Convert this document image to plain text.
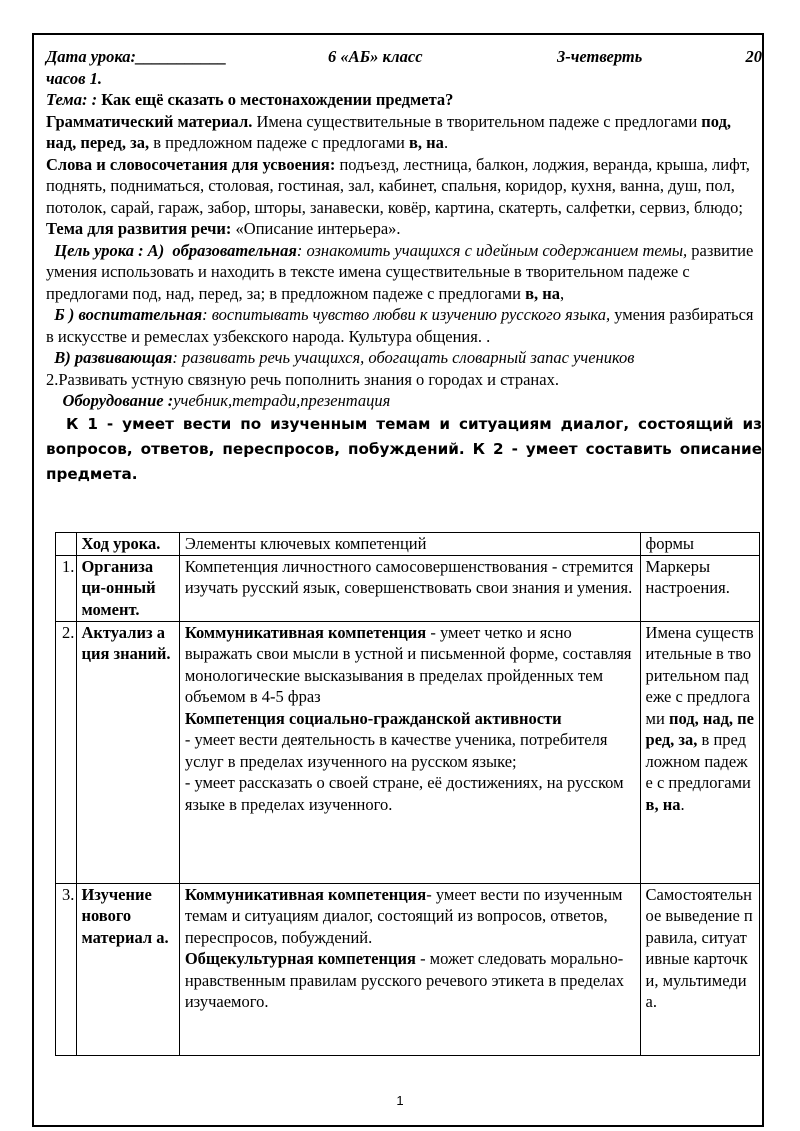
Дата урока:___________	6 «АБ» класс	3-четверть	20

часов 1.

Тема: : Как ещё сказать о местонахождении предмета?

Грамматический материал. Имена существительные в творительном падеже с предлогами под, над, перед, за, в предложном падеже с предлогами в, на.

Слова и словосочетания для усвоения: подъезд, лестница, балкон, лоджия, веранда, крыша, лифт, поднять, подниматься, столовая, гостиная, зал, кабинет, спальня, коридор, кухня, ванна, душ, пол, потолок, сарай, гараж, забор, шторы, занавески, ковёр, картина, скатерть, салфетки, сервиз, блюдо;

Тема для развития речи: «Описание интерьера».

Цель урока : А)  образовательная: ознакомить учащихся с идейным содержанием темы, развитие умения использовать и находить в тексте имена существительные в творительном падеже с предлогами под, над, перед, за; в предложном падеже с предлогами в, на,

Б ) воспитательная: воспитывать чувство любви к изучению русского языка, умения разбираться в искусстве и ремеслах узбекского народа. Культура общения. .

В) развивающая: развивать речь учащихся, обогащать словарный запас учеников

2.Развивать устную связную речь пополнить знания о городах и странах.

Оборудование :учебник,тетради,презентация

К 1 - умеет вести по изученным темам и ситуациям диалог, состоящий из

вопросов, ответов, переспросов, побуждений. К 2 - умеет составить описание

предмета.

	Ход урока.	Элементы ключевых компетенций	формы
1.	Организа ци-онный момент.	Компетенция личностного самосовершенствования - стремится изучать русский язык, совершенствовать свои знания и умения.	Маркеры настроения.
2.	Актуализ а ция знаний.	Коммуникативная компетенция - умеет четко и ясно выражать свои мысли в устной и письменной форме, составляя монологические высказывания в пределах пройденных тем объемом в 4-5 фраз
Компетенция социально-гражданской активности
- умеет вести деятельность в качестве ученика, потребителя услуг в пределах изученного на русском языке;
- умеет рассказать о своей стране, её достижениях, на русском языке в пределах изученного.	Имена существительные в творительном падеже с предлогами под, над, перед, за, в предложном падеже с предлогами в, на.
3.	Изучение нового материал а.	Коммуникативная компетенция- умеет вести по изученным темам и ситуациям диалог, состоящий из вопросов, ответов, переспросов, побуждений.
Общекультурная компетенция - может следовать морально-нравственным правилам русского речевого этикета в пределах изучаемого.	Самостоятельное выведение правила, ситуативные карточки, мультимедиа.
1
